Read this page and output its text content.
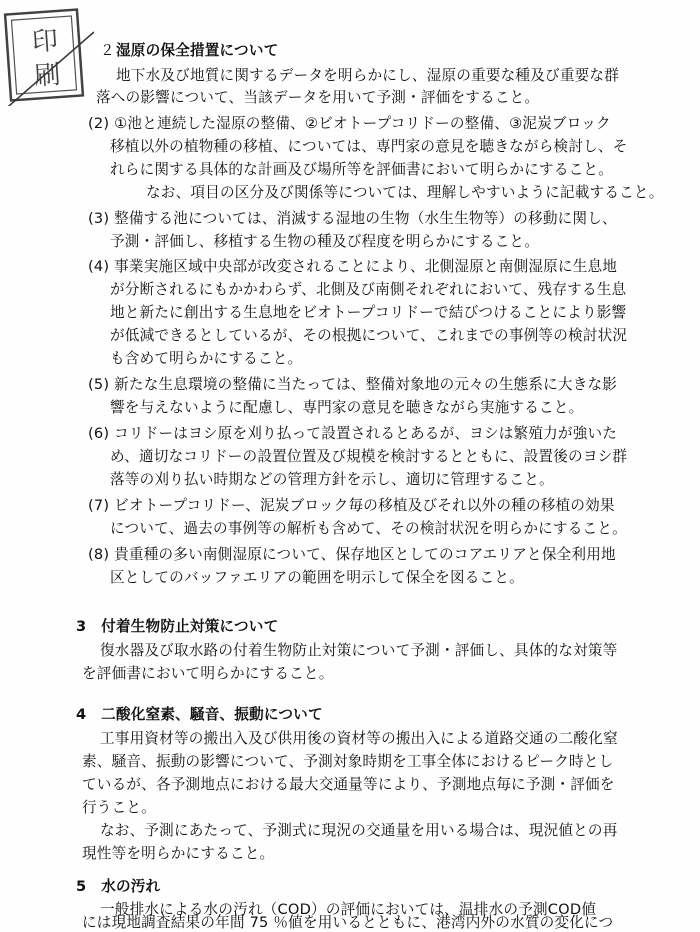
印
刷
２ 湿原の保全措置について
地下水及び地質に関するデータを明らかにし、湿原の重要な種及び重要な群
落への影響について、当該データを用いて予測・評価をすること。
(2) ①池と連続した湿原の整備、②ビオトープコリドーの整備、③泥炭ブロック
移植以外の植物種の移植、については、専門家の意見を聴きながら検討し、そ
れらに関する具体的な計画及び場所等を評価書において明らかにすること。
なお、項目の区分及び関係等については、理解しやすいように記載すること。
(3) 整備する池については、消滅する湿地の生物（水生生物等）の移動に関し、
予測・評価し、移植する生物の種及び程度を明らかにすること。
(4) 事業実施区域中央部が改変されることにより、北側湿原と南側湿原に生息地
が分断されるにもかかわらず、北側及び南側それぞれにおいて、残存する生息
地と新たに創出する生息地をビオトープコリドーで結びつけることにより影響
が低減できるとしているが、その根拠について、これまでの事例等の検討状況
も含めて明らかにすること。
(5) 新たな生息環境の整備に当たっては、整備対象地の元々の生態系に大きな影
響を与えないように配慮し、専門家の意見を聴きながら実施すること。
(6) コリドーはヨシ原を刈り払って設置されるとあるが、ヨシは繁殖力が強いた
め、適切なコリドーの設置位置及び規模を検討するとともに、設置後のヨシ群
落等の刈り払い時期などの管理方針を示し、適切に管理すること。
(7) ビオトープコリドー、泥炭ブロック毎の移植及びそれ以外の種の移植の効果
について、過去の事例等の解析も含めて、その検討状況を明らかにすること。
(8) 貴重種の多い南側湿原について、保存地区としてのコアエリアと保全利用地
区としてのバッファエリアの範囲を明示して保全を図ること。
3　付着生物防止対策について
復水器及び取水路の付着生物防止対策について予測・評価し、具体的な対策等
を評価書において明らかにすること。
4　二酸化窒素、騒音、振動について
工事用資材等の搬出入及び供用後の資材等の搬出入による道路交通の二酸化窒
素、騒音、振動の影響について、予測対象時期を工事全体におけるピーク時とし
ているが、各予測地点における最大交通量等により、予測地点毎に予測・評価を
行うこと。
なお、予測にあたって、予測式に現況の交通量を用いる場合は、現況値との再
現性等を明らかにすること。
5　水の汚れ
一般排水による水の汚れ（COD）の評価においては、温排水の予測COD値
には現地調査結果の年間 75 ％値を用いるとともに、港湾内外の水質の変化につ
